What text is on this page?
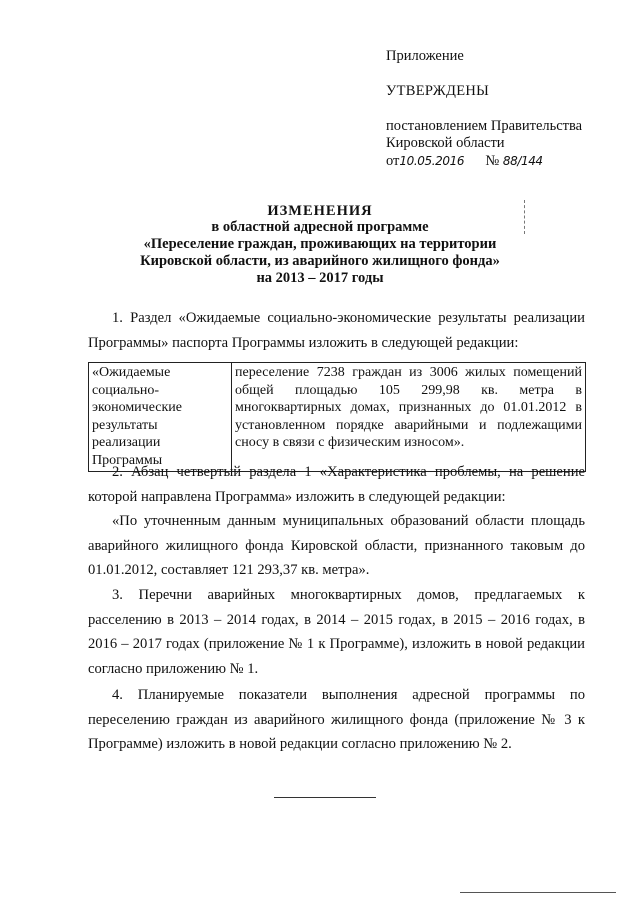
Приложение
УТВЕРЖДЕНЫ
постановлением Правительства
Кировской области
от10.05.2016 № 88/144
ИЗМЕНЕНИЯ
в областной адресной программе
«Переселение граждан, проживающих на территории
Кировской области, из аварийного жилищного фонда»
на 2013 – 2017 годы
1. Раздел «Ожидаемые социально-экономические результаты реализации Программы» паспорта Программы изложить в следующей редакции:
«Ожидаемые социально-экономические результаты реализации Программы	переселение 7238 граждан из 3006 жилых помещений общей площадью 105 299,98 кв. метра в многоквартирных домах, признанных до 01.01.2012 в установленном порядке аварийными и подлежащими сносу в связи с физическим износом».
2. Абзац четвертый раздела 1 «Характеристика проблемы, на решение которой направлена Программа» изложить в следующей редакции:
«По уточненным данным муниципальных образований области площадь аварийного жилищного фонда Кировской области, признанного таковым до 01.01.2012, составляет 121 293,37 кв. метра».
3. Перечни аварийных многоквартирных домов, предлагаемых к расселению в 2013 – 2014 годах, в 2014 – 2015 годах, в 2015 – 2016 годах, в 2016 – 2017 годах (приложение № 1 к Программе), изложить в новой редакции согласно приложению № 1.
4. Планируемые показатели выполнения адресной программы по переселению граждан из аварийного жилищного фонда (приложение № 3 к Программе) изложить в новой редакции согласно приложению № 2.
